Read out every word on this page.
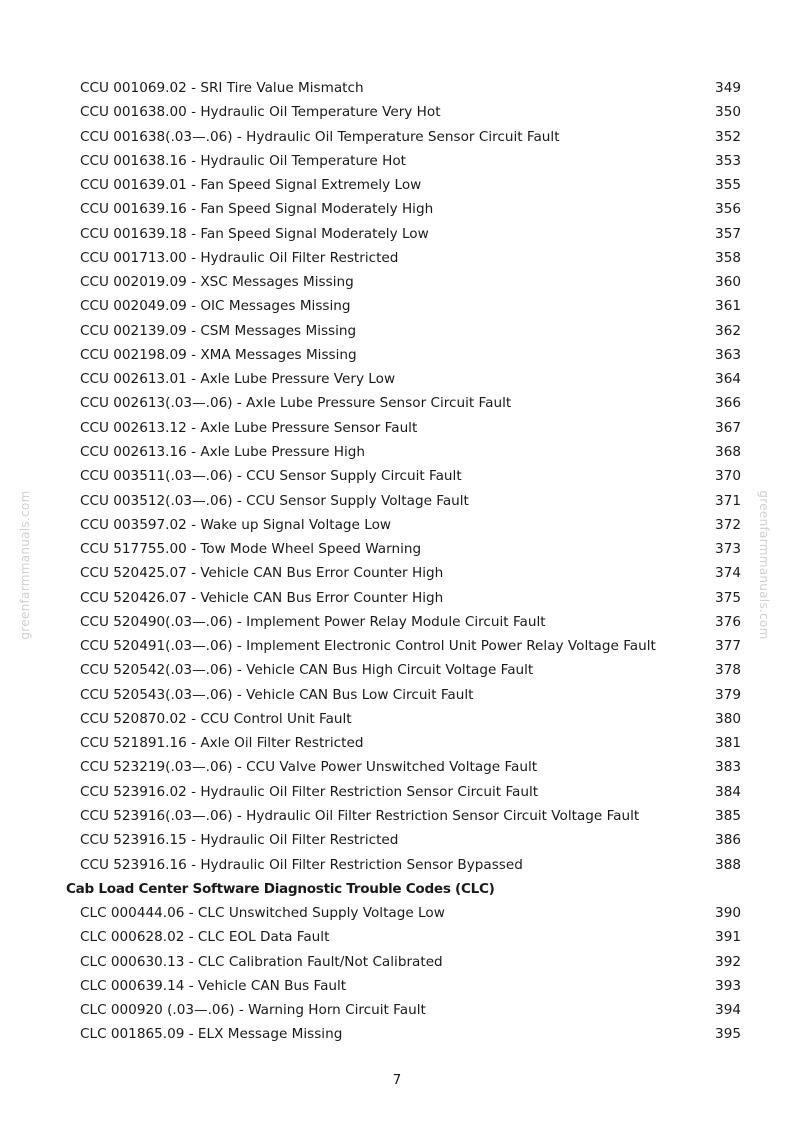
greenfarmmanuals.com	greenfarmmanuals.com
CCU 001069.02 - SRI Tire Value Mismatch	349
CCU 001638.00 - Hydraulic Oil Temperature Very Hot	350
CCU 001638(.03—.06) - Hydraulic Oil Temperature Sensor Circuit Fault	352
CCU 001638.16 - Hydraulic Oil Temperature Hot	353
CCU 001639.01 - Fan Speed Signal Extremely Low	355
CCU 001639.16 - Fan Speed Signal Moderately High	356
CCU 001639.18 - Fan Speed Signal Moderately Low	357
CCU 001713.00 - Hydraulic Oil Filter Restricted	358
CCU 002019.09 - XSC Messages Missing	360
CCU 002049.09 - OIC Messages Missing	361
CCU 002139.09 - CSM Messages Missing	362
CCU 002198.09 - XMA Messages Missing	363
CCU 002613.01 - Axle Lube Pressure Very Low	364
CCU 002613(.03—.06) - Axle Lube Pressure Sensor Circuit Fault	366
CCU 002613.12 - Axle Lube Pressure Sensor Fault	367
CCU 002613.16 - Axle Lube Pressure High	368
CCU 003511(.03—.06) - CCU Sensor Supply Circuit Fault	370
CCU 003512(.03—.06) - CCU Sensor Supply Voltage Fault	371
CCU 003597.02 - Wake up Signal Voltage Low	372
CCU 517755.00 - Tow Mode Wheel Speed Warning	373
CCU 520425.07 - Vehicle CAN Bus Error Counter High	374
CCU 520426.07 - Vehicle CAN Bus Error Counter High	375
CCU 520490(.03—.06) - Implement Power Relay Module Circuit Fault	376
CCU 520491(.03—.06) - Implement Electronic Control Unit Power Relay Voltage Fault	377
CCU 520542(.03—.06) - Vehicle CAN Bus High Circuit Voltage Fault	378
CCU 520543(.03—.06) - Vehicle CAN Bus Low Circuit Fault	379
CCU 520870.02 - CCU Control Unit Fault	380
CCU 521891.16 - Axle Oil Filter Restricted	381
CCU 523219(.03—.06) - CCU Valve Power Unswitched Voltage Fault	383
CCU 523916.02 - Hydraulic Oil Filter Restriction Sensor Circuit Fault	384
CCU 523916(.03—.06) - Hydraulic Oil Filter Restriction Sensor Circuit Voltage Fault	385
CCU 523916.15 - Hydraulic Oil Filter Restricted	386
CCU 523916.16 - Hydraulic Oil Filter Restriction Sensor Bypassed	388
Cab Load Center Software Diagnostic Trouble Codes (CLC)
CLC 000444.06 - CLC Unswitched Supply Voltage Low	390
CLC 000628.02 - CLC EOL Data Fault	391
CLC 000630.13 - CLC Calibration Fault/Not Calibrated	392
CLC 000639.14 - Vehicle CAN Bus Fault	393
CLC 000920 (.03—.06) - Warning Horn Circuit Fault	394
CLC 001865.09 - ELX Message Missing	395
7
